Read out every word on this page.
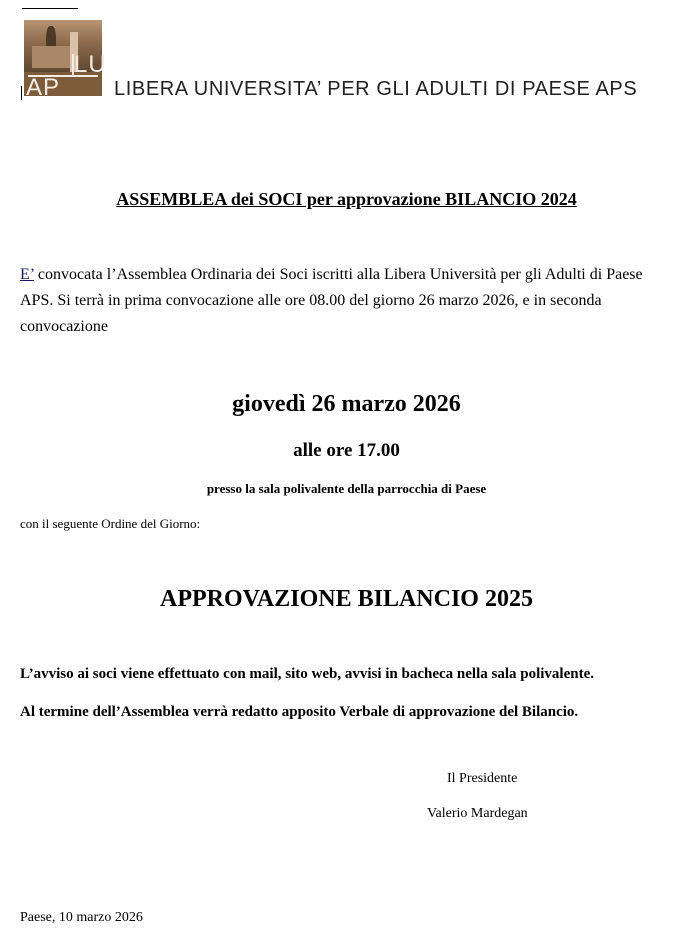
LU
AP	LIBERA UNIVERSITA’ PER GLI ADULTI DI PAESE APS
ASSEMBLEA dei SOCI per approvazione BILANCIO 2024
E’ convocata l’Assemblea Ordinaria dei Soci iscritti alla Libera Università per gli Adulti di Paese APS. Si terrà in prima convocazione alle ore 08.00 del giorno 26 marzo 2026, e in seconda convocazione
giovedì 26 marzo 2026
alle ore 17.00
presso la sala polivalente della parrocchia di Paese
con il seguente Ordine del Giorno:
APPROVAZIONE BILANCIO 2025
L’avviso ai soci viene effettuato con mail, sito web, avvisi in bacheca nella sala polivalente.
Al termine dell’Assemblea verrà redatto apposito Verbale di approvazione del Bilancio.
Il Presidente
Valerio Mardegan
Paese, 10 marzo 2026
